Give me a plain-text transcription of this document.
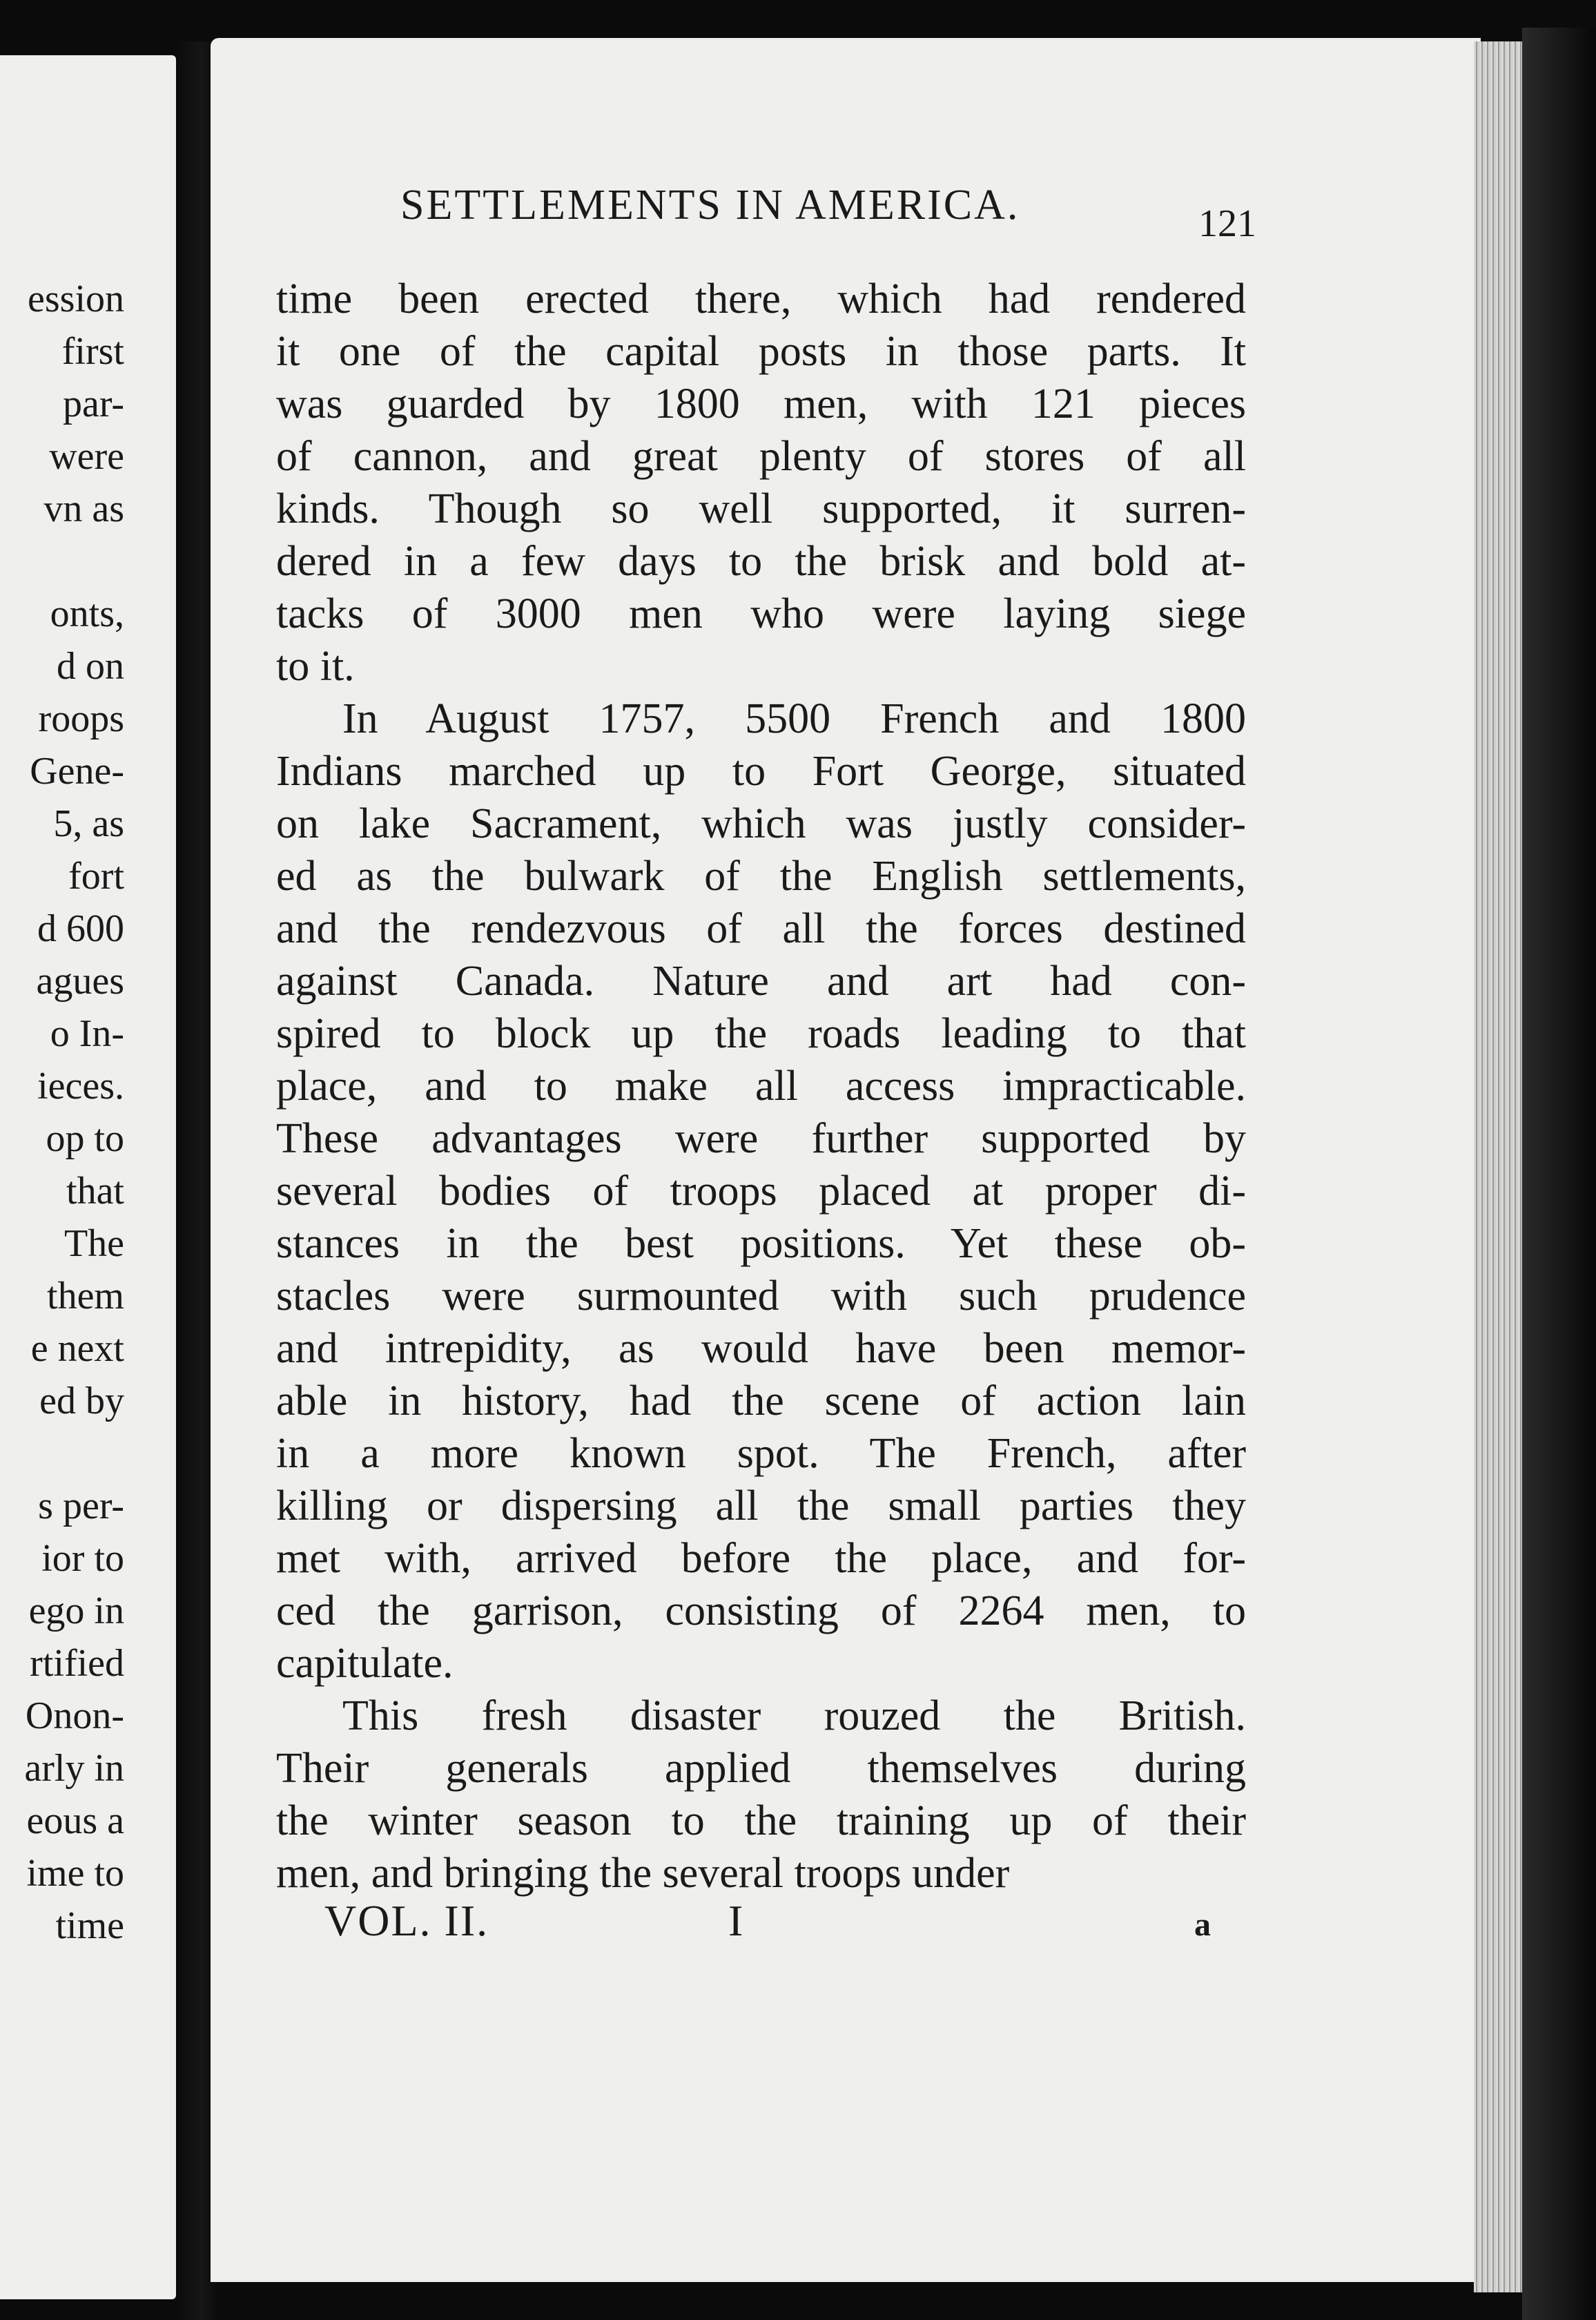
ession
first
par-
were
vn as
onts,
d on
roops
Gene-
5, as
fort
d 600
agues
o In-
ieces.
op to
that
The
them
e next
ed by
s per-
ior to
ego in
rtified
Onon-
arly in
eous a
ime to
time
SETTLEMENTS IN AMERICA.	121
time been erected there, which had rendered
it one of the capital posts in those parts. It
was guarded by 1800 men, with 121 pieces
of cannon, and great plenty of stores of all
kinds. Though so well supported, it surren-
dered in a few days to the brisk and bold at-
tacks of 3000 men who were laying siege
to it.
In August 1757, 5500 French and 1800
Indians marched up to Fort George, situated
on lake Sacrament, which was justly consider-
ed as the bulwark of the English settlements,
and the rendezvous of all the forces destined
against Canada. Nature and art had con-
spired to block up the roads leading to that
place, and to make all access impracticable.
These advantages were further supported by
several bodies of troops placed at proper di-
stances in the best positions. Yet these ob-
stacles were surmounted with such prudence
and intrepidity, as would have been memor-
able in history, had the scene of action lain
in a more known spot. The French, after
killing or dispersing all the small parties they
met with, arrived before the place, and for-
ced the garrison, consisting of 2264 men, to
capitulate.
This fresh disaster rouzed the British.
Their generals applied themselves during
the winter season to the training up of their
men, and bringing the several troops under
VOL. II.	I	a
